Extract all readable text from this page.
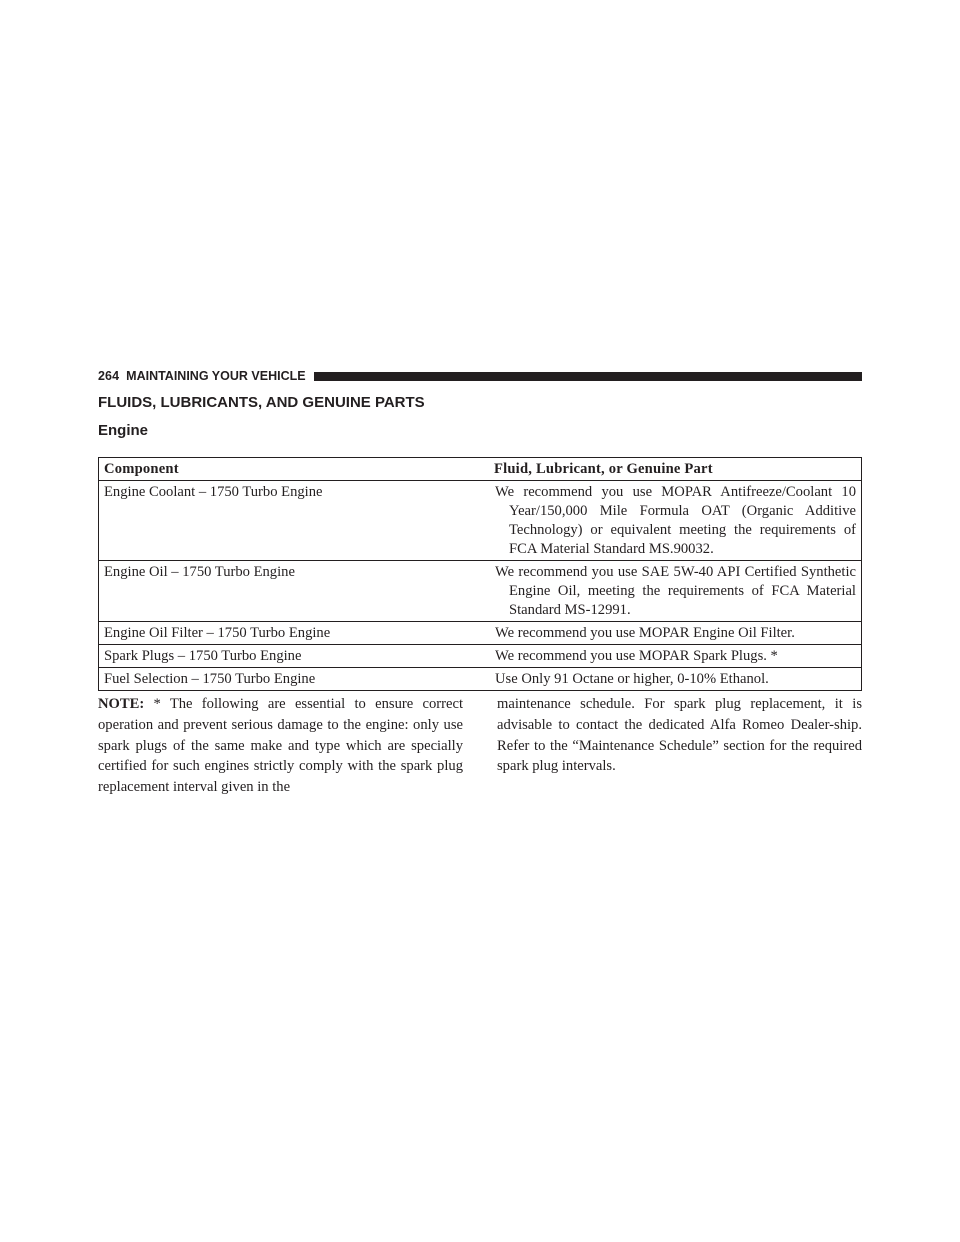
264 MAINTAINING YOUR VEHICLE
FLUIDS, LUBRICANTS, AND GENUINE PARTS
Engine
Component	Fluid, Lubricant, or Genuine Part
Engine Coolant – 1750 Turbo Engine	We recommend you use MOPAR Antifreeze/Coolant 10 Year/150,000 Mile Formula OAT (Organic Additive Technology) or equivalent meeting the requirements of FCA Material Standard MS.90032.
Engine Oil – 1750 Turbo Engine	We recommend you use SAE 5W-40 API Certified Synthetic Engine Oil, meeting the requirements of FCA Material Standard MS-12991.
Engine Oil Filter – 1750 Turbo Engine	We recommend you use MOPAR Engine Oil Filter.
Spark Plugs – 1750 Turbo Engine	We recommend you use MOPAR Spark Plugs. *
Fuel Selection – 1750 Turbo Engine	Use Only 91 Octane or higher, 0-10% Ethanol.

NOTE: * The following are essential to ensure correct operation and prevent serious damage to the engine: only use spark plugs of the same make and type which are specially certified for such engines strictly comply with the spark plug replacement interval given in the

maintenance schedule. For spark plug replacement, it is advisable to contact the dedicated Alfa Romeo Dealer-ship. Refer to the “Maintenance Schedule” section for the required spark plug intervals.
